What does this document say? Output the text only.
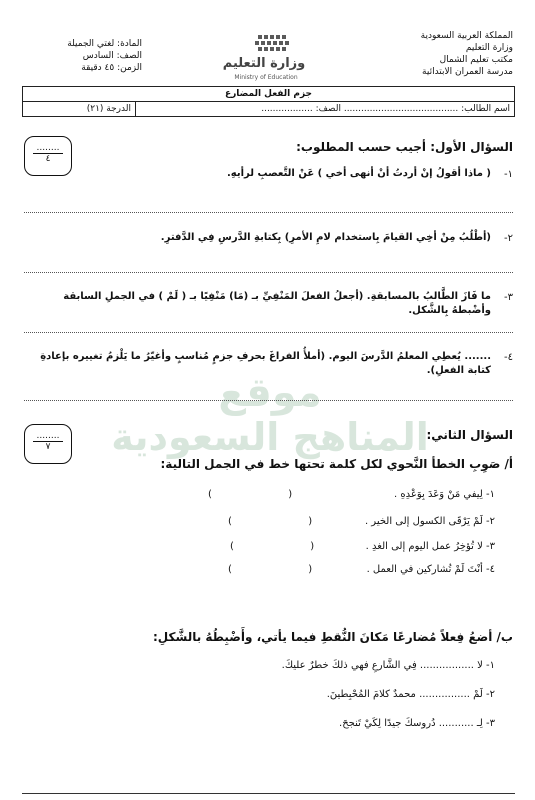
المملكة العربية السعودية
وزارة التعليم
مكتب تعليم الشمال
مدرسة العمران الابتدائية
وزارة التعليم
Ministry of Education
المادة: لغتي الجميلة
الصف: السادس
الزمن: ٤٥ دقيقة
جزم الفعل المضارع
اسم الطالب: ........................................ الصف: ..................	الدرجة (٢١)
موقع
المناهج السعودية
........
٤
السؤال الأول: أجيب حسب المطلوب:
١-
( ماذا أقولُ إنْ أردتُ أنْ أنهى أخي ) عَنْ التَّعصبِ لرأيهِ.
٢-
(أطْلُبُ مِنْ أخِي القيامَ بِاستخدام لامِ الأمرِ) بِكتابةِ الدَّرسِ فِي الدَّفترِ.
٣-
ما فَازَ الطَّالبُ بالمسابقةِ. (أجعلُ الفعلَ المَنْفِيِّ بـ (مَا) مَنْفِيًا بـ ( لَمْ ) في الجملِ السابقة وأضْبطهُ بِالشَّكل.
٤-
....... يُعطِي المعلمُ الدَّرسَ اليوم. (أملأُ الفراغَ بحرفِ جزمٍ مُناسبٍ وأغيّرُ ما يَلْزمُ تغييره بإعادةِ كتابة الفعلِ).
........
٧
السؤال الثاني:
أ/ صَوِبِ الخطأ النَّحوي لكل كلمة تحتها خط في الجمل التالية:
١- لِيفي مَنْ وَعَدَ بِوَعْدِهِ .
(                        )
٢- لَمْ يَرْقَى الكسول إلى الخير .
(                        )
٣- لا تُؤخِرُ عمل اليوم إلى الغدِ .
(                        )
٤- أنْتَ لَمْ تُشاركين في العمل .
(                        )
ب/ أضعُ فِعلاً مُضارعًا مَكانَ النُّقطِ فيما يأتي، وأَضْبِطُهُ بالشَّكلِ:
١- لا ................. فِي الشَّارعِ فهي ذلكَ خطرٌ عليكَ.
٢- لَمْ ................ محمدٌ كلامَ المُحْبِطينَ.
٣- لِـ ........... دُروسكَ جيدًا لِكَيْ تَنجحَ.
